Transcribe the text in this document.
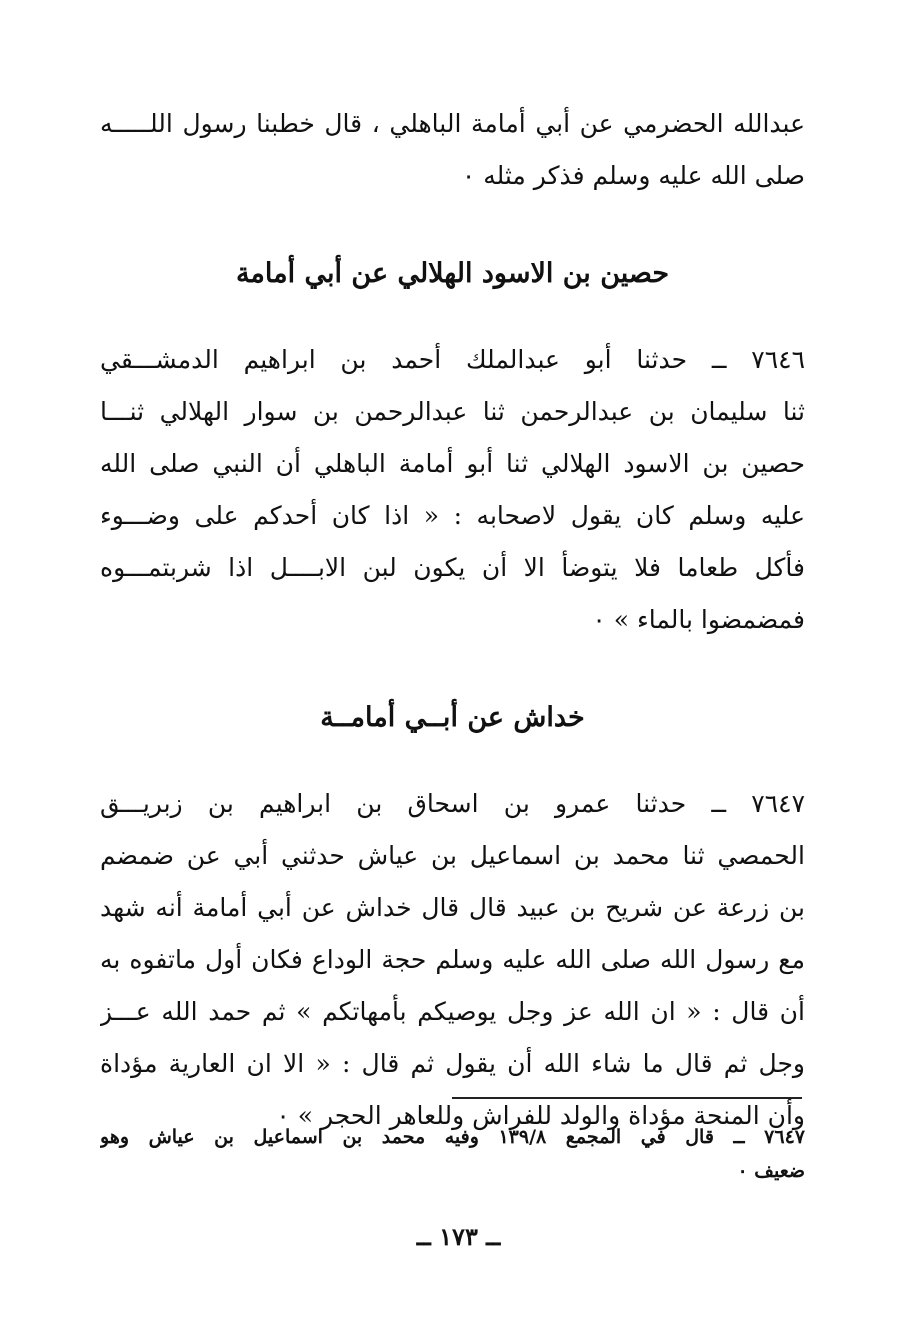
عبدالله الحضرمي عن أبي أمامة الباهلي ، قال خطبنا رسول اللـــــه
صلى الله عليه وسلم فذكر مثله ٠
حصين بن الاسود الهلالي عن أبي أمامة
٧٦٤٦ ــ حدثنا أبو عبدالملك أحمد بن ابراهيم الدمشـــقي
ثنا سليمان بن عبدالرحمن ثنا عبدالرحمن بن سوار الهلالي ثنـــا
حصين بن الاسود الهلالي ثنا أبو أمامة الباهلي أن النبي صلى الله
عليه وسلم كان يقول لاصحابه : « اذا كان أحدكم على وضـــوء
فأكل طعاما فلا يتوضأ الا أن يكون لبن الابــــل اذا شربتمـــوه
فمضمضوا بالماء » ٠
خداش عن أبــي أمامــة
٧٦٤٧ ــ حدثنا عمرو بن اسحاق بن ابراهيم بن زبريـــق
الحمصي ثنا محمد بن اسماعيل بن عياش حدثني أبي عن ضمضم
بن زرعة عن شريح بن عبيد قال قال خداش عن أبي أمامة أنه شهد
مع رسول الله صلى الله عليه وسلم حجة الوداع فكان أول ماتفوه به
أن قال : « ان الله عز وجل يوصيكم بأمهاتكم » ثم حمد الله عـــز
وجل ثم قال ما شاء الله أن يقول ثم قال : « الا ان العارية مؤداة
وأن المنحة مؤداة والولد للفراش وللعاهر الحجر » ٠
٧٦٤٧ ــ قال في المجمع ١٣٩/٨ وفيه محمد بن اسماعيل بن عياش وهو
ضعيف ٠
ــ ١٧٣ ــ
